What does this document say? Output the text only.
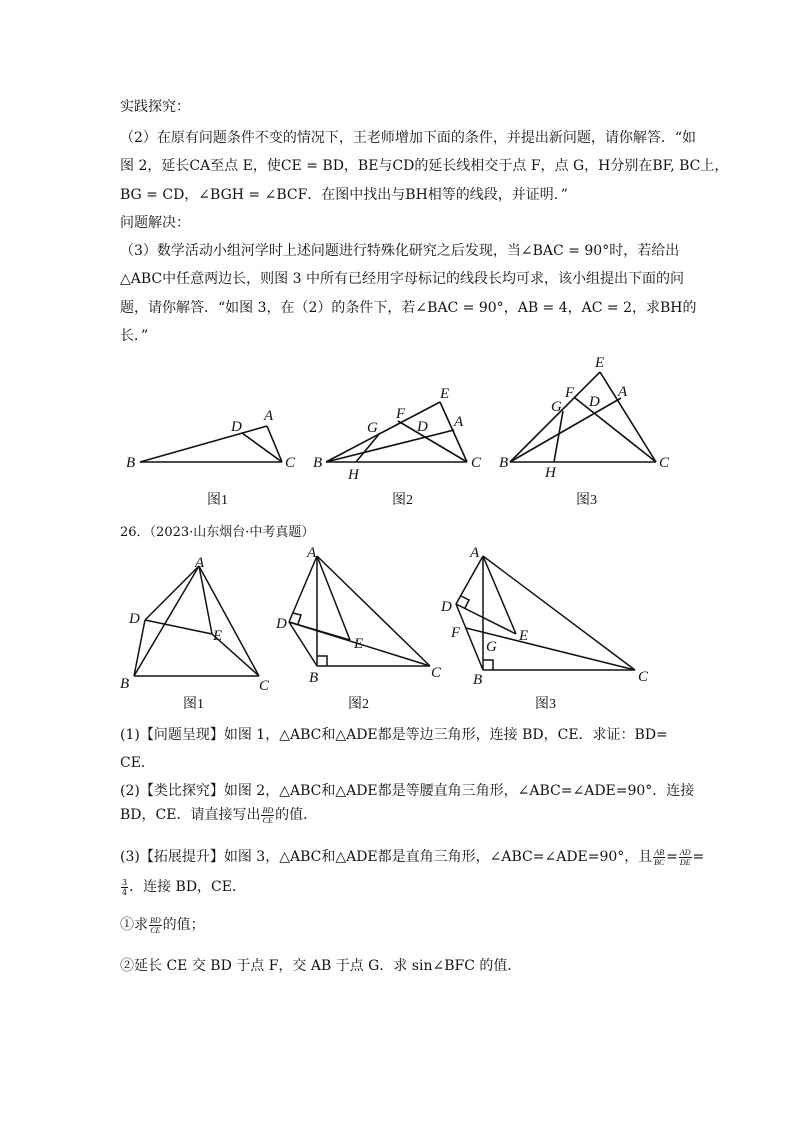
实践探究：
（2）在原有问题条件不变的情况下，王老师增加下面的条件，并提出新问题，请你解答．“如
图 2，延长CA至点 E，使CE = BD，BE与CD的延长线相交于点 F，点 G，H分别在BF, BC上，
BG = CD，∠BGH = ∠BCF．在图中找出与BH相等的线段，并证明．”
问题解决：
（3）数学活动小组河学时上述问题进行特殊化研究之后发现，当∠BAC = 90°时，若给出
△ABC中任意两边长，则图 3 中所有已经用字母标记的线段长均可求，该小组提出下面的问
题，请你解答．“如图 3，在（2）的条件下，若∠BAC = 90°，AB = 4，AC = 2，求BH的
长．”
B
D
A
C B
G
F
E
D A
H
C
E
F
G D
A
B
H
C
图1	图2	图3
26．（2023·山东烟台·中考真题）
A
D
E
B	C
A
D
E
B	C
A
D
F	E
G
B	C
图1	图2	图3
(1)【问题呈现】如图 1，△ABC和△ADE都是等边三角形，连接 BD，CE．求证：BD=
CE．
(2)【类比探究】如图 2，△ABC和△ADE都是等腰直角三角形，∠ABC=∠ADE=90°．连接
BD，CE．请直接写出 $\frac{BD}{CE}$ 的值．
(3)【拓展提升】如图 3，△ABC和△ADE都是直角三角形，∠ABC=∠ADE=90°，且 $\frac{AB}{BC} = \frac{AD}{DE}$ =
$\frac{3}{4}$ ．连接 BD，CE．
①求 $\frac{BD}{CE}$ 的值；
②延长 CE 交 BD 于点 F，交 AB 于点 G．求 sin∠BFC 的值．
